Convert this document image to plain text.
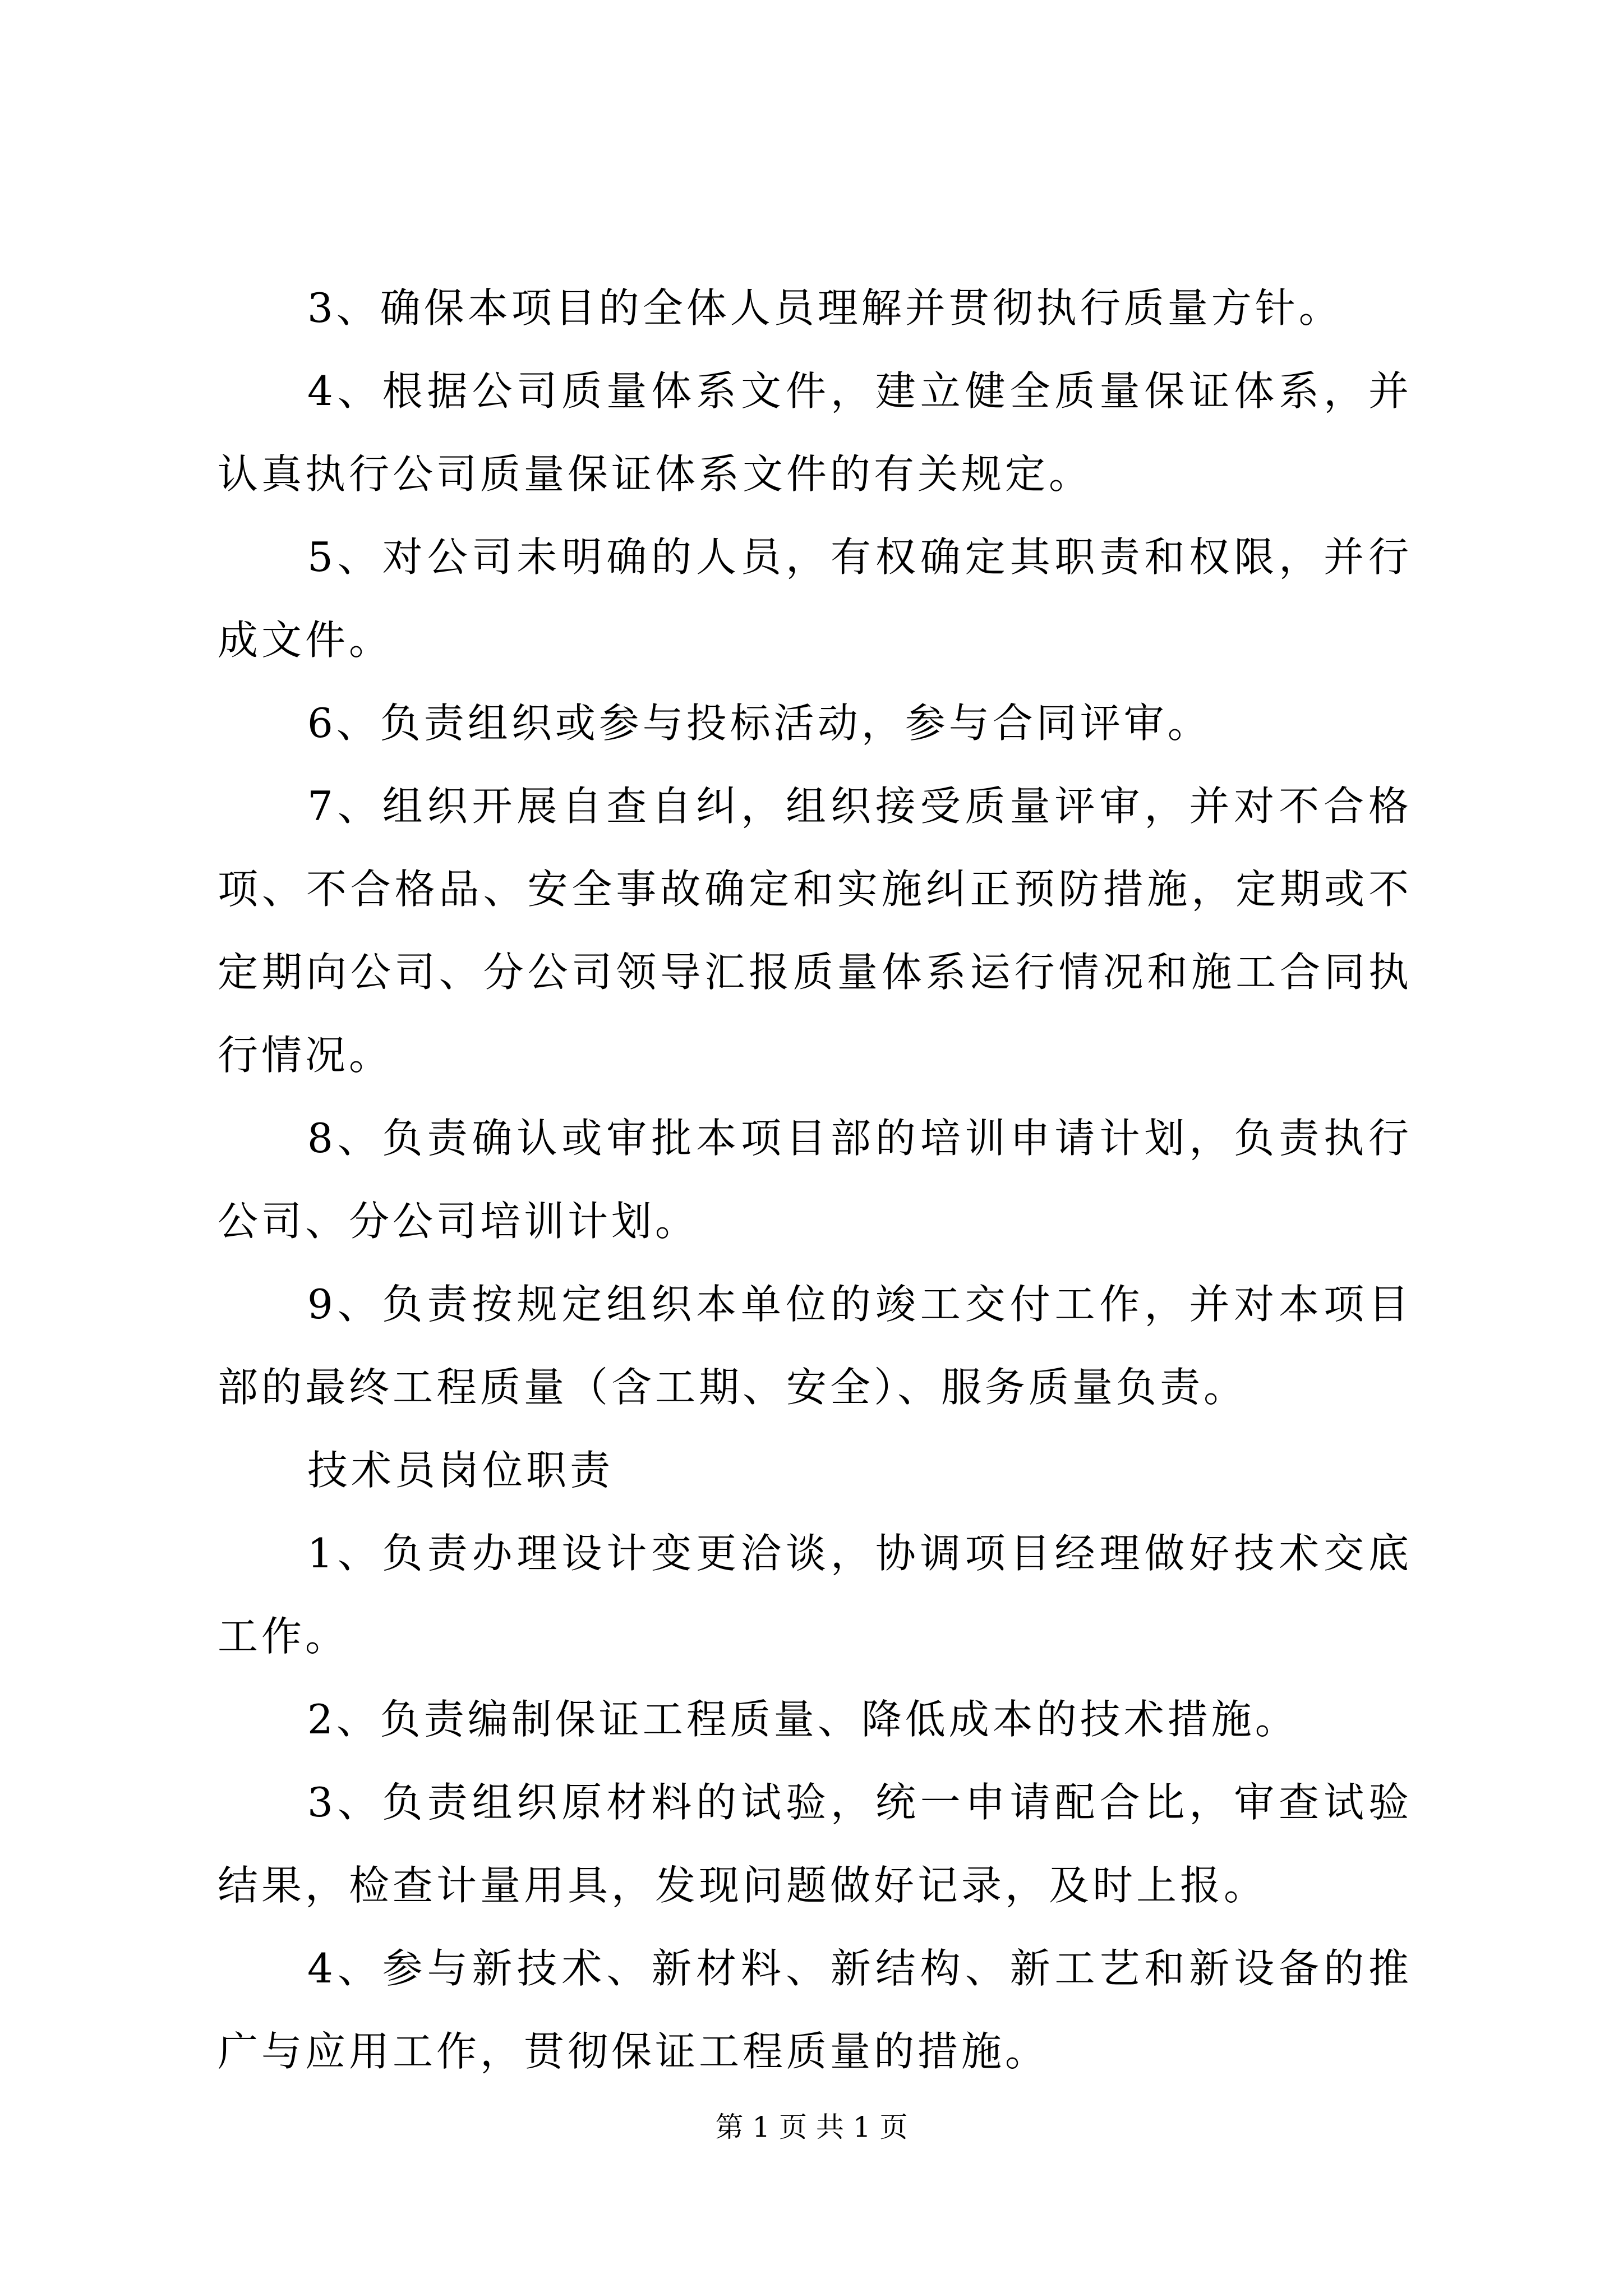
3、确保本项目的全体人员理解并贯彻执行质量方针。

4、根据公司质量体系文件，建立健全质量保证体系，并认真执行公司质量保证体系文件的有关规定。

5、对公司未明确的人员，有权确定其职责和权限，并行成文件。

6、负责组织或参与投标活动，参与合同评审。

7、组织开展自查自纠，组织接受质量评审，并对不合格项、不合格品、安全事故确定和实施纠正预防措施，定期或不定期向公司、分公司领导汇报质量体系运行情况和施工合同执行情况。

8、负责确认或审批本项目部的培训申请计划，负责执行公司、分公司培训计划。

9、负责按规定组织本单位的竣工交付工作，并对本项目部的最终工程质量（含工期、安全）、服务质量负责。

技术员岗位职责

1、负责办理设计变更洽谈，协调项目经理做好技术交底工作。

2、负责编制保证工程质量、降低成本的技术措施。

3、负责组织原材料的试验，统一申请配合比，审查试验结果，检查计量用具，发现问题做好记录，及时上报。

4、参与新技术、新材料、新结构、新工艺和新设备的推广与应用工作，贯彻保证工程质量的措施。

第 1 页 共 1 页
